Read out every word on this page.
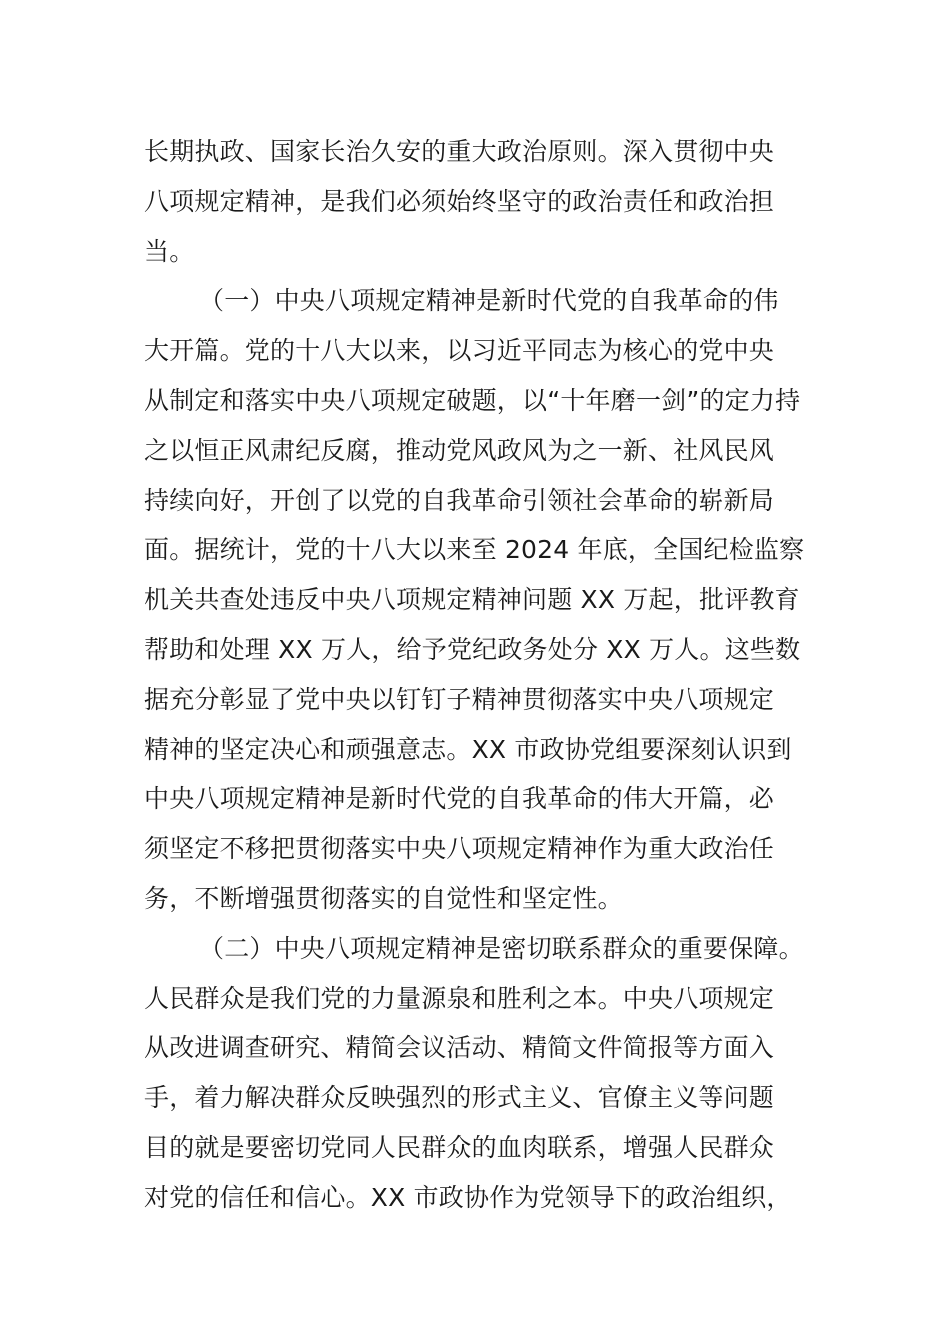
长期执政、国家长治久安的重大政治原则。深入贯彻中央
八项规定精神，是我们必须始终坚守的政治责任和政治担
当。

（一）中央八项规定精神是新时代党的自我革命的伟
大开篇。党的十八大以来，以习近平同志为核心的党中央
从制定和落实中央八项规定破题，以“十年磨一剑”的定力持
之以恒正风肃纪反腐，推动党风政风为之一新、社风民风
持续向好，开创了以党的自我革命引领社会革命的崭新局
面。据统计，党的十八大以来至 2024 年底，全国纪检监察
机关共查处违反中央八项规定精神问题 XX 万起，批评教育
帮助和处理 XX 万人，给予党纪政务处分 XX 万人。这些数
据充分彰显了党中央以钉钉子精神贯彻落实中央八项规定
精神的坚定决心和顽强意志。XX 市政协党组要深刻认识到
中央八项规定精神是新时代党的自我革命的伟大开篇，必
须坚定不移把贯彻落实中央八项规定精神作为重大政治任
务，不断增强贯彻落实的自觉性和坚定性。

（二）中央八项规定精神是密切联系群众的重要保障。
人民群众是我们党的力量源泉和胜利之本。中央八项规定
从改进调查研究、精简会议活动、精简文件简报等方面入
手，着力解决群众反映强烈的形式主义、官僚主义等问题
目的就是要密切党同人民群众的血肉联系，增强人民群众
对党的信任和信心。XX 市政协作为党领导下的政治组织，
